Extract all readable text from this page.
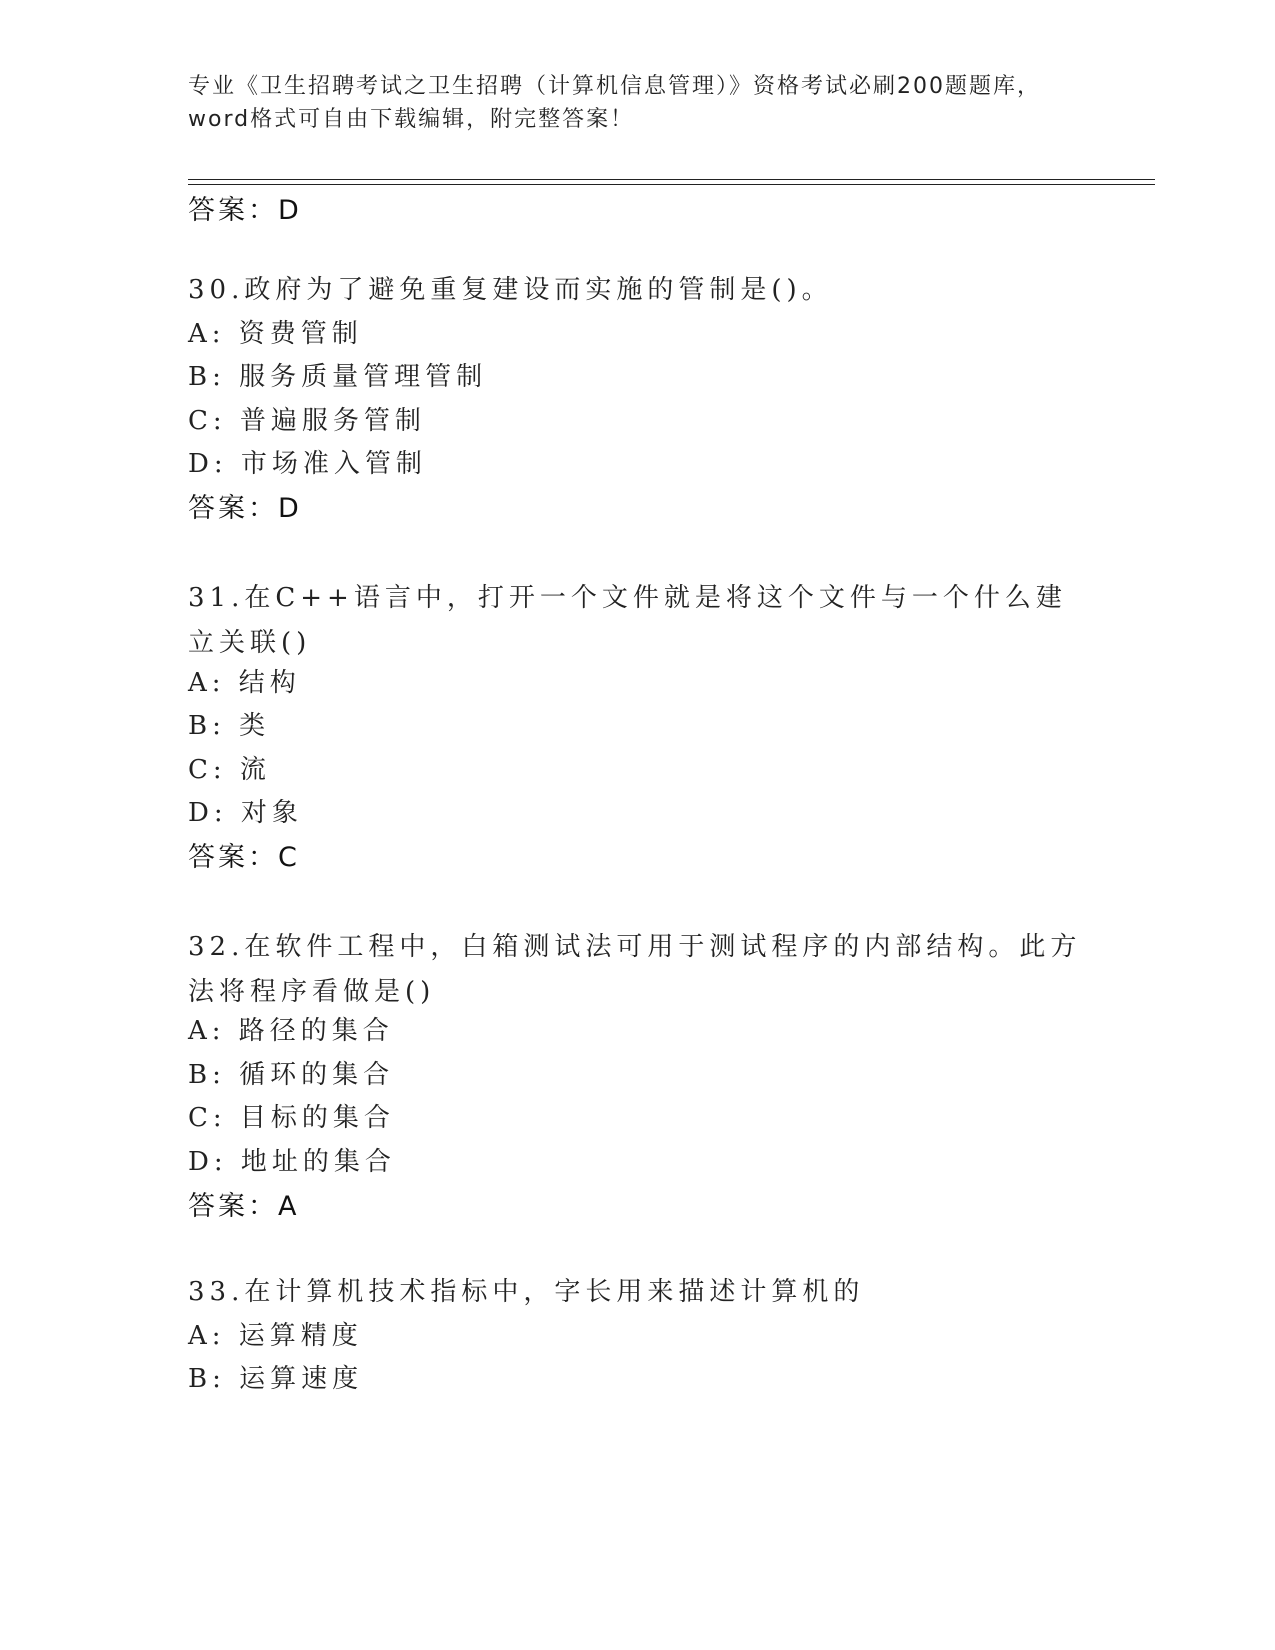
专业《卫生招聘考试之卫生招聘（计算机信息管理）》资格考试必刷200题题库，word格式可自由下载编辑，附完整答案！
答案：D
30.政府为了避免重复建设而实施的管制是()。
A: 资费管制
B: 服务质量管理管制
C: 普遍服务管制
D: 市场准入管制
答案：D
31.在C++语言中，打开一个文件就是将这个文件与一个什么建立关联()
A: 结构
B: 类
C: 流
D: 对象
答案：C
32.在软件工程中，白箱测试法可用于测试程序的内部结构。此方法将程序看做是()
A: 路径的集合
B: 循环的集合
C: 目标的集合
D: 地址的集合
答案：A
33.在计算机技术指标中，字长用来描述计算机的
A: 运算精度
B: 运算速度
